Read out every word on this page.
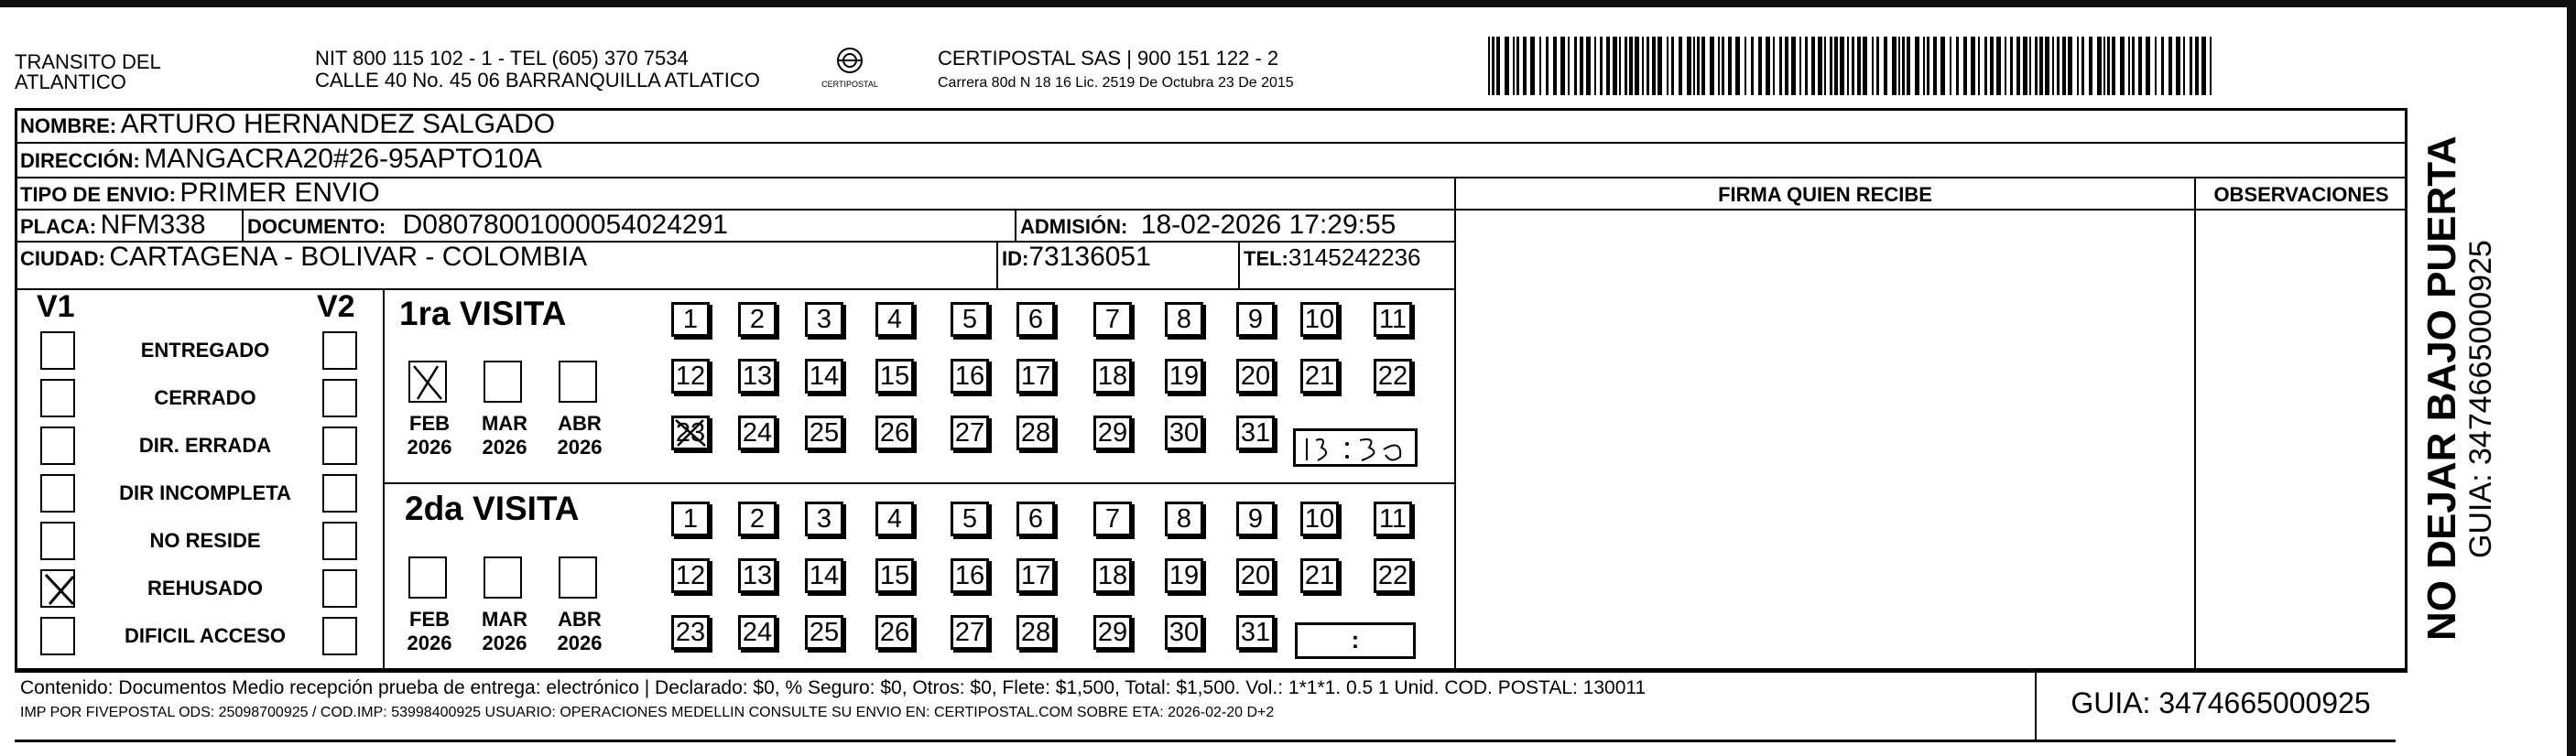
TRANSITO DEL
ATLANTICO
NIT 800 115 102 - 1 - TEL (605) 370 7534
CALLE 40 No. 45 06 BARRANQUILLA ATLATICO	CERTIPOSTAL
CERTIPOSTAL SAS | 900 151 122 - 2
Carrera 80d N 18 16 Lic. 2519 De Octubra 23 De 2015
NOMBRE: ARTURO HERNANDEZ SALGADO
DIRECCIÓN: MANGACRA20#26-95APTO10A
TIPO DE ENVIO: PRIMER ENVIO	FIRMA QUIEN RECIBE	OBSERVACIONES
PLACA: NFM338 DOCUMENTO: D08078001000054024291	ADMISIÓN: 18-02-2026 17:29:55
CIUDAD: CARTAGENA - BOLIVAR - COLOMBIA	ID:73136051	TEL:3145242236
V1	V2
ENTREGADO
CERRADO
DIR. ERRADA
DIR INCOMPLETA
NO RESIDE
REHUSADO
DIFICIL ACCESO
1ra VISITA
FEB
2026
MAR
2026
ABR
2026
1	2	3	4	5	6	7	8	9	10 11
12 13 14 15 16 17 18 19 20 21 22
23 24 25 26 27 28 29 30 31
2da VISITA
FEB
2026
MAR
2026
ABR
2026
1	2	3	4	5	6	7	8	9	10 11
12 13 14 15 16 17 18 19 20 21 22
23 24 25 26 27 28 29 30 31	:
Contenido: Documentos Medio recepción prueba de entrega: electrónico | Declarado: $0, % Seguro: $0, Otros: $0, Flete: $1,500, Total: $1,500. Vol.: 1*1*1. 0.5 1 Unid. COD. POSTAL: 130011
IMP POR FIVEPOSTAL ODS: 25098700925 / COD.IMP: 53998400925 USUARIO: OPERACIONES MEDELLIN CONSULTE SU ENVIO EN: CERTIPOSTAL.COM SOBRE ETA: 2026-02-20 D+2	GUIA: 3474665000925
NO DEJAR BAJO PUERTA GUIA: 3474665000925
